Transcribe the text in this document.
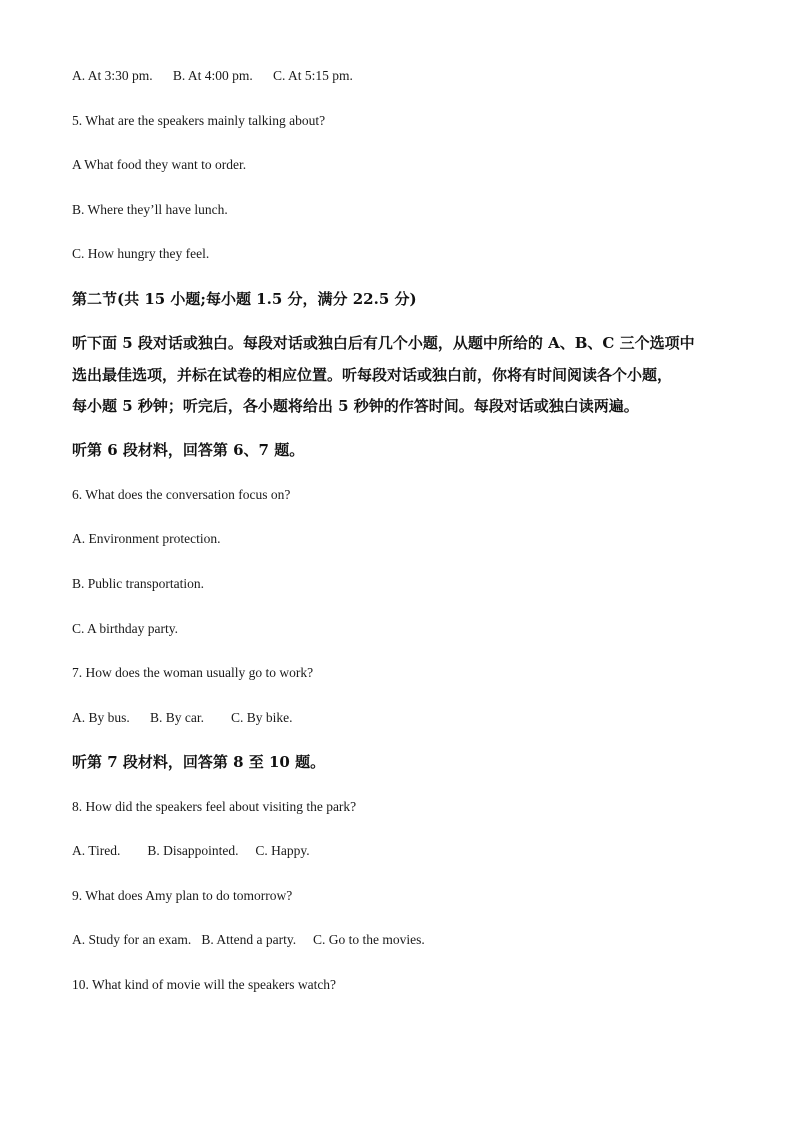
A. At 3:30 pm.      B. At 4:00 pm.      C. At 5:15 pm.
5. What are the speakers mainly talking about?
A What food they want to order.
B. Where they’ll have lunch.
C. How hungry they feel.
第二节(共 15 小题;每小题 1.5 分，满分 22.5 分)
听下面 5 段对话或独白。每段对话或独白后有几个小题，从题中所给的 A、B、C 三个选项中
选出最佳选项，并标在试卷的相应位置。听每段对话或独白前，你将有时间阅读各个小题，
每小题 5 秒钟；听完后，各小题将给出 5 秒钟的作答时间。每段对话或独白读两遍。
听第 6 段材料，回答第 6、7 题。
6. What does the conversation focus on?
A. Environment protection.
B. Public transportation.
C. A birthday party.
7. How does the woman usually go to work?
A. By bus.      B. By car.        C. By bike.
听第 7 段材料，回答第 8 至 10 题。
8. How did the speakers feel about visiting the park?
A. Tired.        B. Disappointed.     C. Happy.
9. What does Amy plan to do tomorrow?
A. Study for an exam.   B. Attend a party.     C. Go to the movies.
10. What kind of movie will the speakers watch?
